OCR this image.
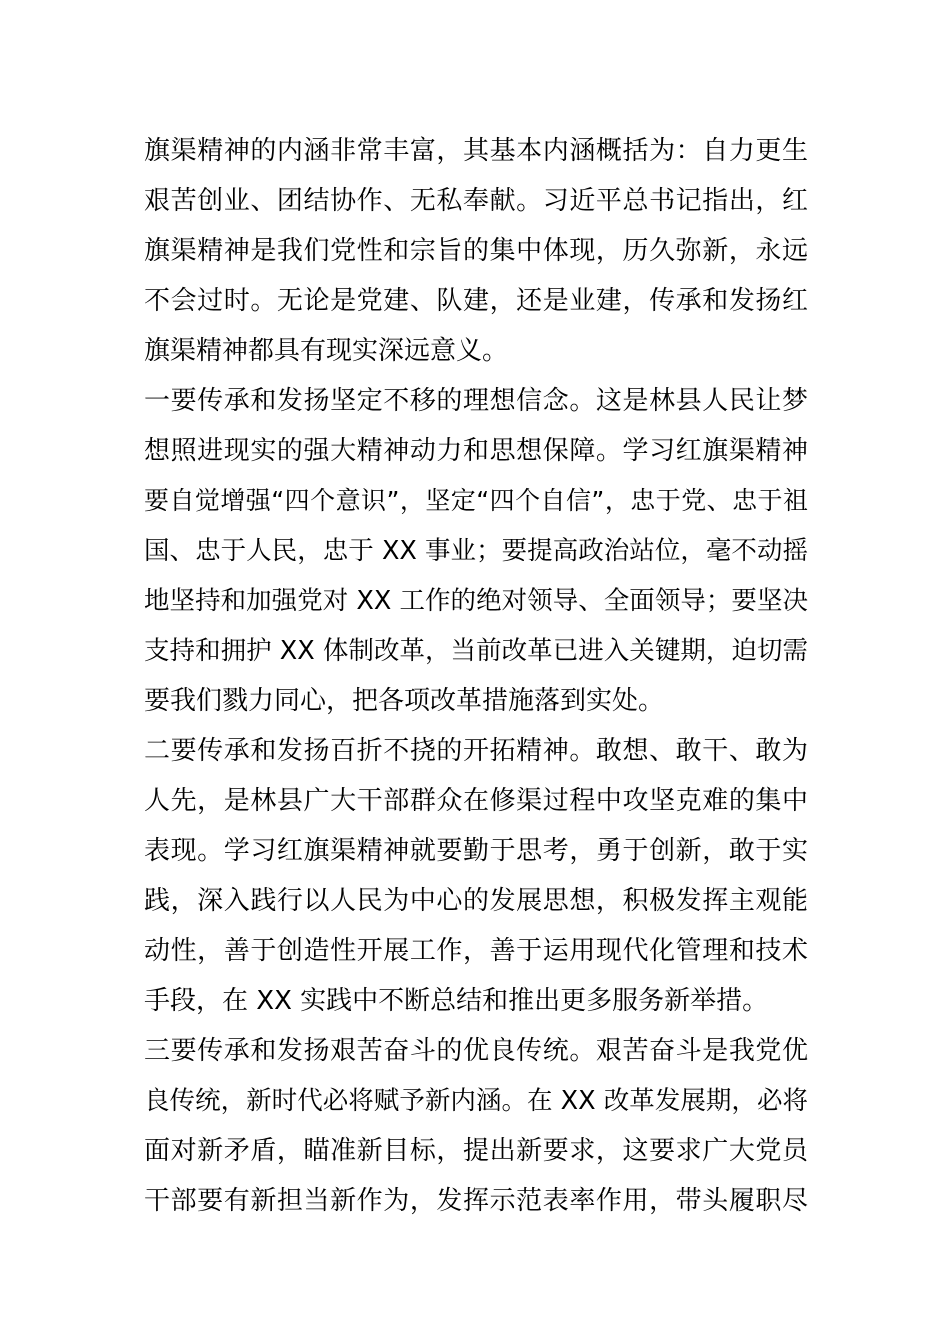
旗渠精神的内涵非常丰富，其基本内涵概括为：自力更生
艰苦创业、团结协作、无私奉献。习近平总书记指出，红
旗渠精神是我们党性和宗旨的集中体现，历久弥新，永远
不会过时。无论是党建、队建，还是业建，传承和发扬红
旗渠精神都具有现实深远意义。
一要传承和发扬坚定不移的理想信念。这是林县人民让梦
想照进现实的强大精神动力和思想保障。学习红旗渠精神
要自觉增强“四个意识”，坚定“四个自信”，忠于党、忠于祖
国、忠于人民，忠于 XX 事业；要提高政治站位，毫不动摇
地坚持和加强党对 XX 工作的绝对领导、全面领导；要坚决
支持和拥护 XX 体制改革，当前改革已进入关键期，迫切需
要我们戮力同心，把各项改革措施落到实处。
二要传承和发扬百折不挠的开拓精神。敢想、敢干、敢为
人先，是林县广大干部群众在修渠过程中攻坚克难的集中
表现。学习红旗渠精神就要勤于思考，勇于创新，敢于实
践，深入践行以人民为中心的发展思想，积极发挥主观能
动性，善于创造性开展工作，善于运用现代化管理和技术
手段，在 XX 实践中不断总结和推出更多服务新举措。
三要传承和发扬艰苦奋斗的优良传统。艰苦奋斗是我党优
良传统，新时代必将赋予新内涵。在 XX 改革发展期，必将
面对新矛盾，瞄准新目标，提出新要求，这要求广大党员
干部要有新担当新作为，发挥示范表率作用，带头履职尽
